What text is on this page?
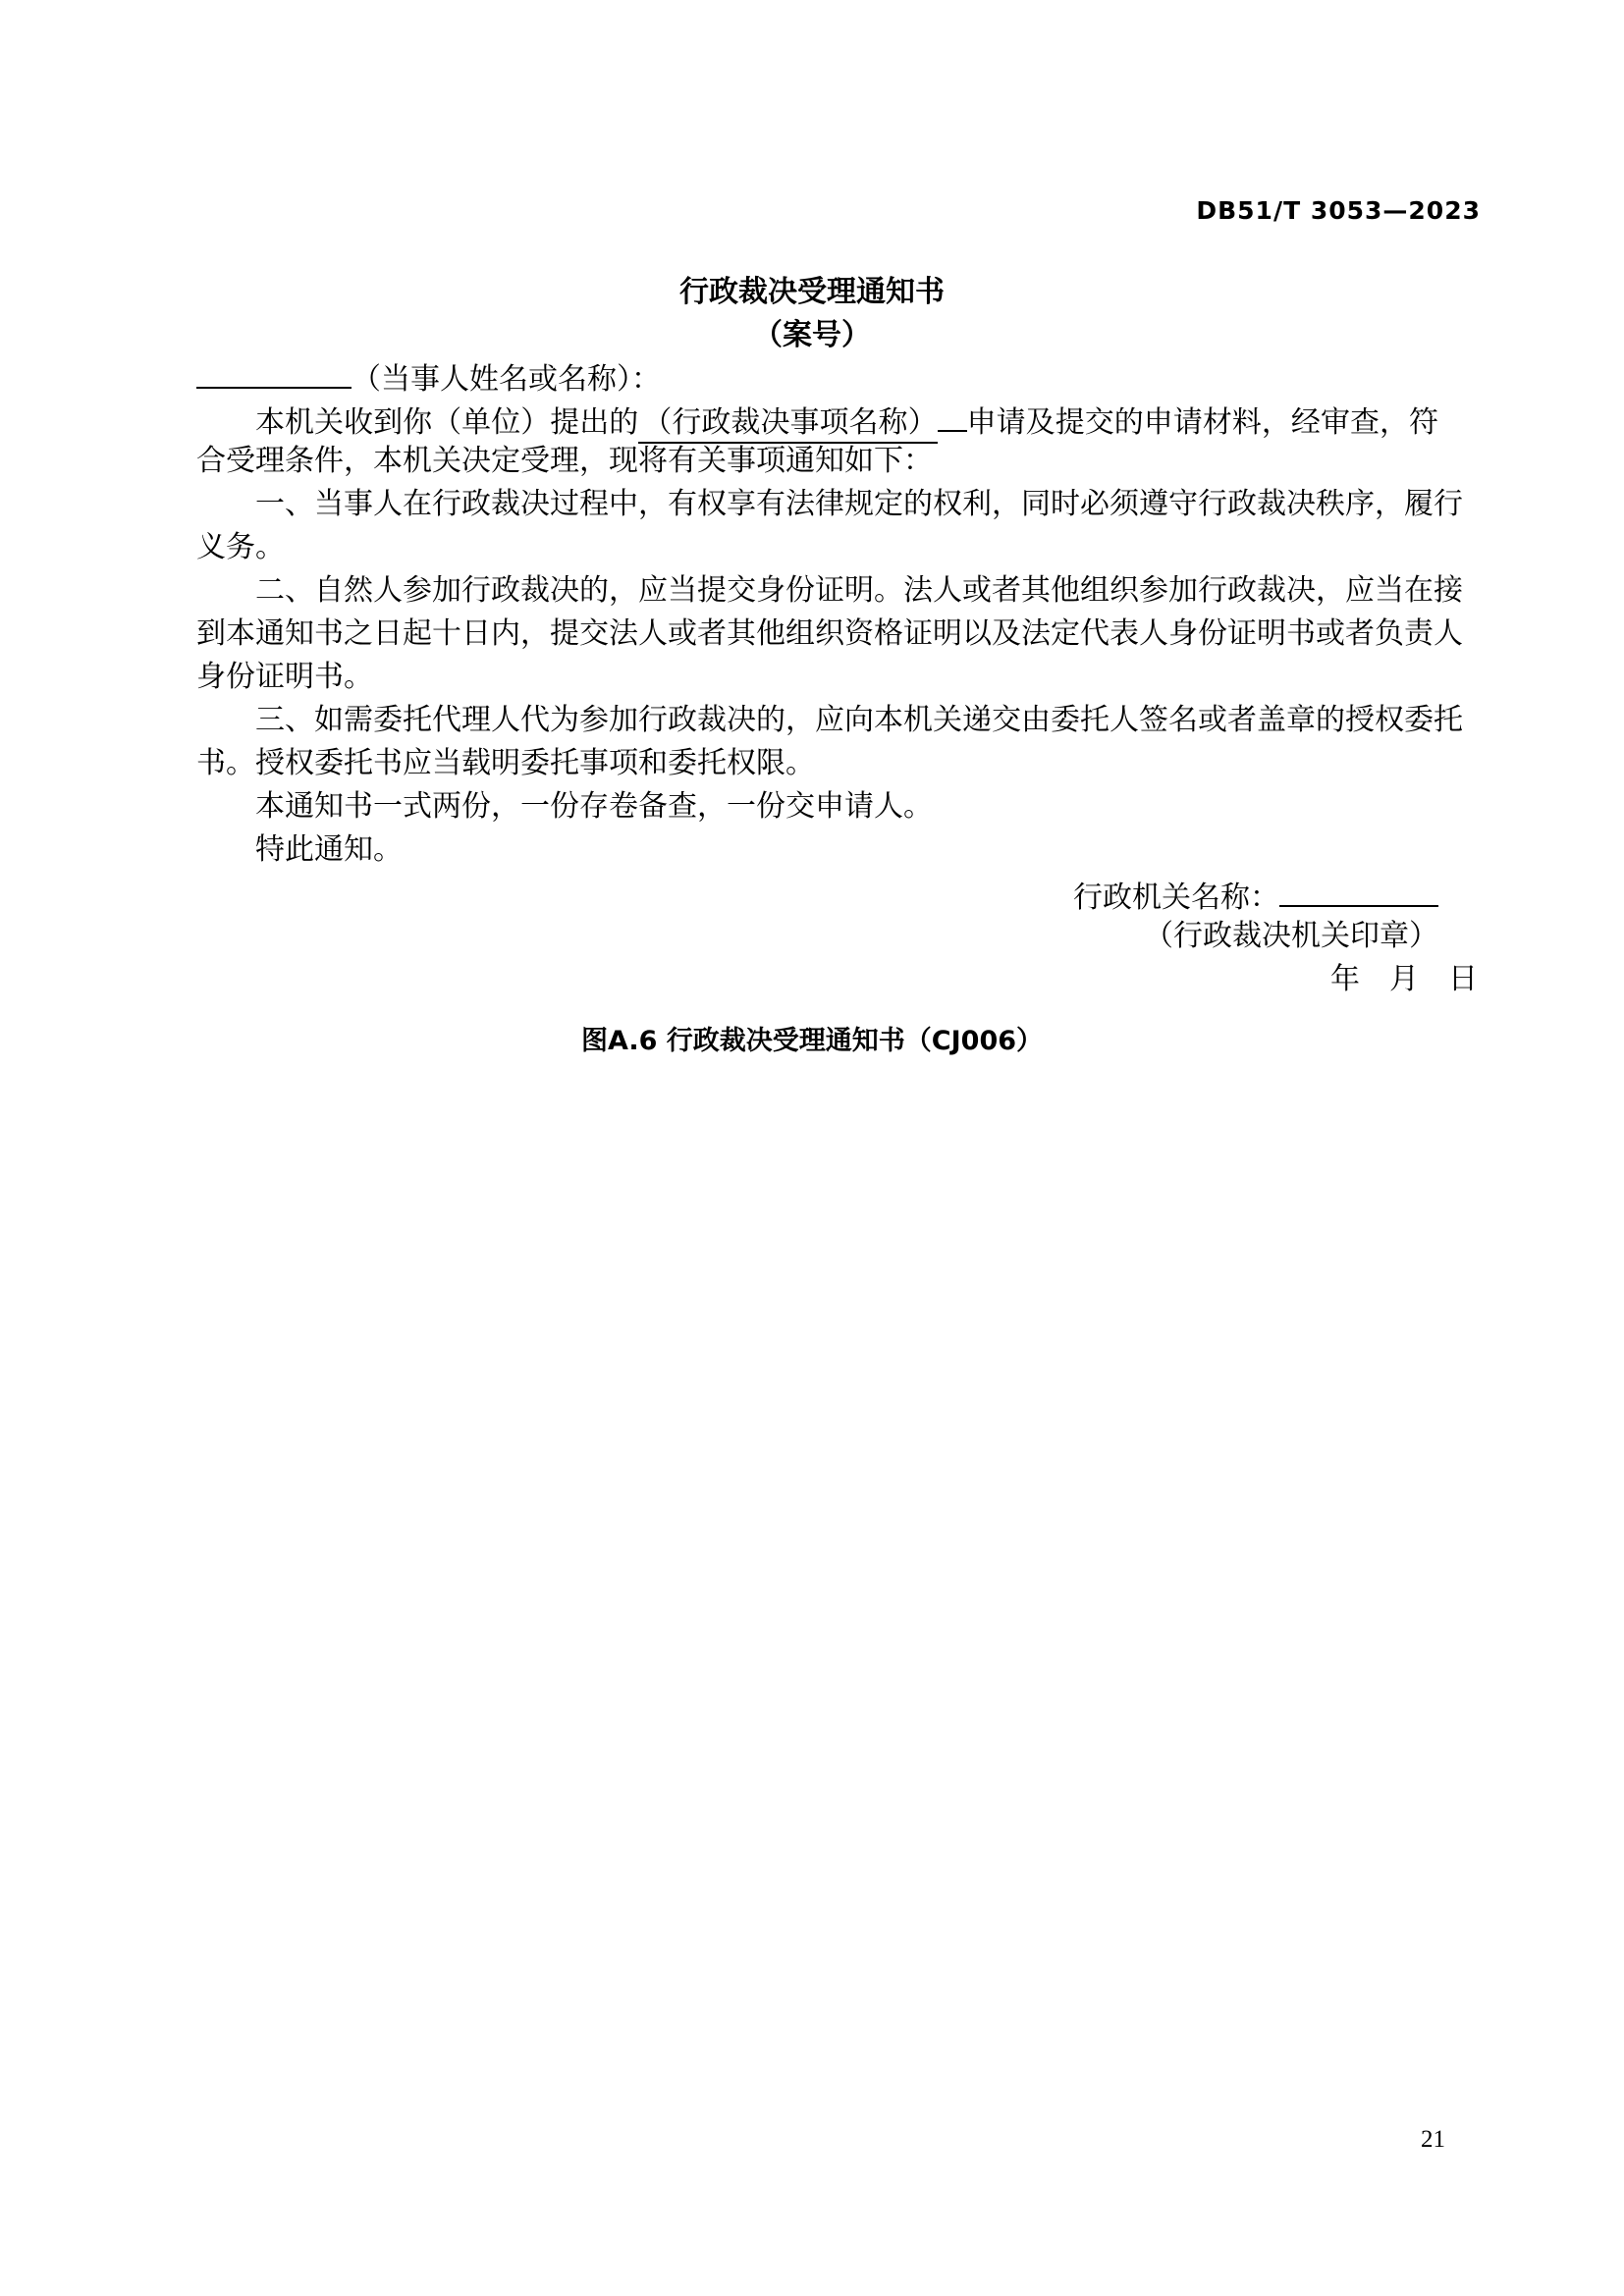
DB51/T 3053—2023
行政裁决受理通知书
（案号）
（当事人姓名或名称）：
本机关收到你（单位）提出的 （行政裁决事项名称） 申请及提交的申请材料，经审查，符
合受理条件，本机关决定受理，现将有关事项通知如下：
一、当事人在行政裁决过程中，有权享有法律规定的权利，同时必须遵守行政裁决秩序，履行
义务。
二、自然人参加行政裁决的，应当提交身份证明。法人或者其他组织参加行政裁决，应当在接
到本通知书之日起十日内，提交法人或者其他组织资格证明以及法定代表人身份证明书或者负责人
身份证明书。
三、如需委托代理人代为参加行政裁决的，应向本机关递交由委托人签名或者盖章的授权委托
书。授权委托书应当载明委托事项和委托权限。
本通知书一式两份，一份存卷备查，一份交申请人。
特此通知。
行政机关名称：
（行政裁决机关印章）
年　月　日
图A.6 行政裁决受理通知书（CJ006）
21
